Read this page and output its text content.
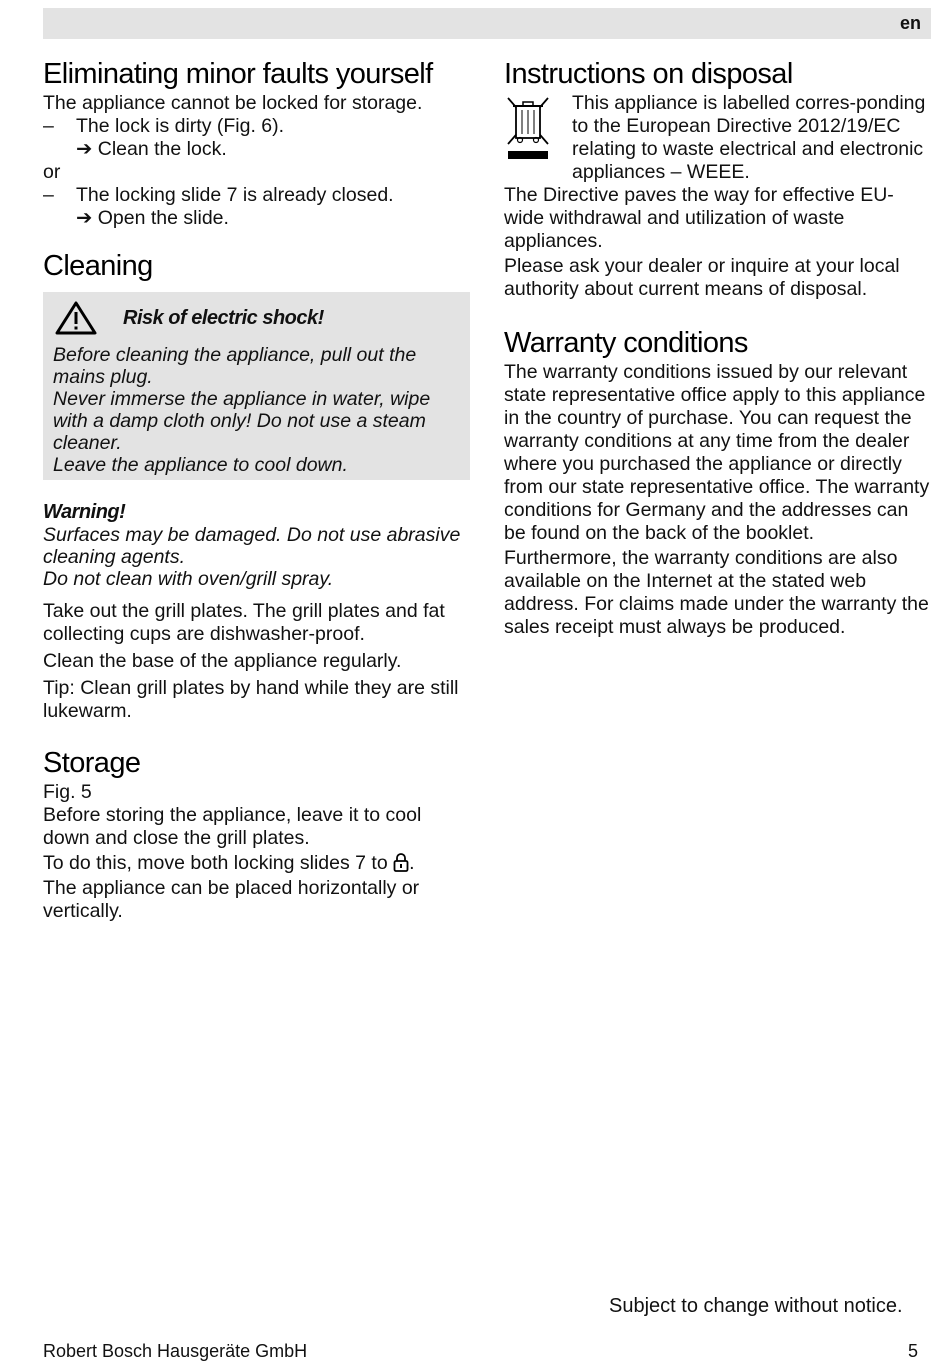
en
Eliminating minor faults yourself

The appliance cannot be locked for storage.

– The lock is dirty (Fig. 6).

➔ Clean the lock.

or

– The locking slide 7 is already closed.

➔ Open the slide.

Cleaning
Risk of electric shock!

Before cleaning the appliance, pull out the mains plug.

Never immerse the appliance in water, wipe with a damp cloth only! Do not use a steam cleaner.

Leave the appliance to cool down.

Warning!

Surfaces may be damaged. Do not use abrasive cleaning agents.

Do not clean with oven/grill spray.

Take out the grill plates. The grill plates and fat collecting cups are dishwasher-proof.

Clean the base of the appliance regularly.

Tip: Clean grill plates by hand while they are still lukewarm.

Storage

Fig. 5

Before storing the appliance, leave it to cool down and close the grill plates.

To do this, move both locking slides 7 to .

The appliance can be placed horizontally or vertically.

Instructions on disposal

This appliance is labelled corres-ponding to the European Directive 2012/19/EC relating to waste electrical and electronic appliances – WEEE.

The Directive paves the way for effective EU-wide withdrawal and utilization of waste appliances.

Please ask your dealer or inquire at your local authority about current means of disposal.

Warranty conditions

The warranty conditions issued by our relevant state representative office apply to this appliance in the country of purchase. You can request the warranty conditions at any time from the dealer where you purchased the appliance or directly from our state representative office. The warranty conditions for Germany and the addresses can be found on the back of the booklet.

Furthermore, the warranty conditions are also available on the Internet at the stated web address. For claims made under the warranty the sales receipt must always be produced.

Subject to change without notice.
Robert Bosch Hausgeräte GmbH	5
